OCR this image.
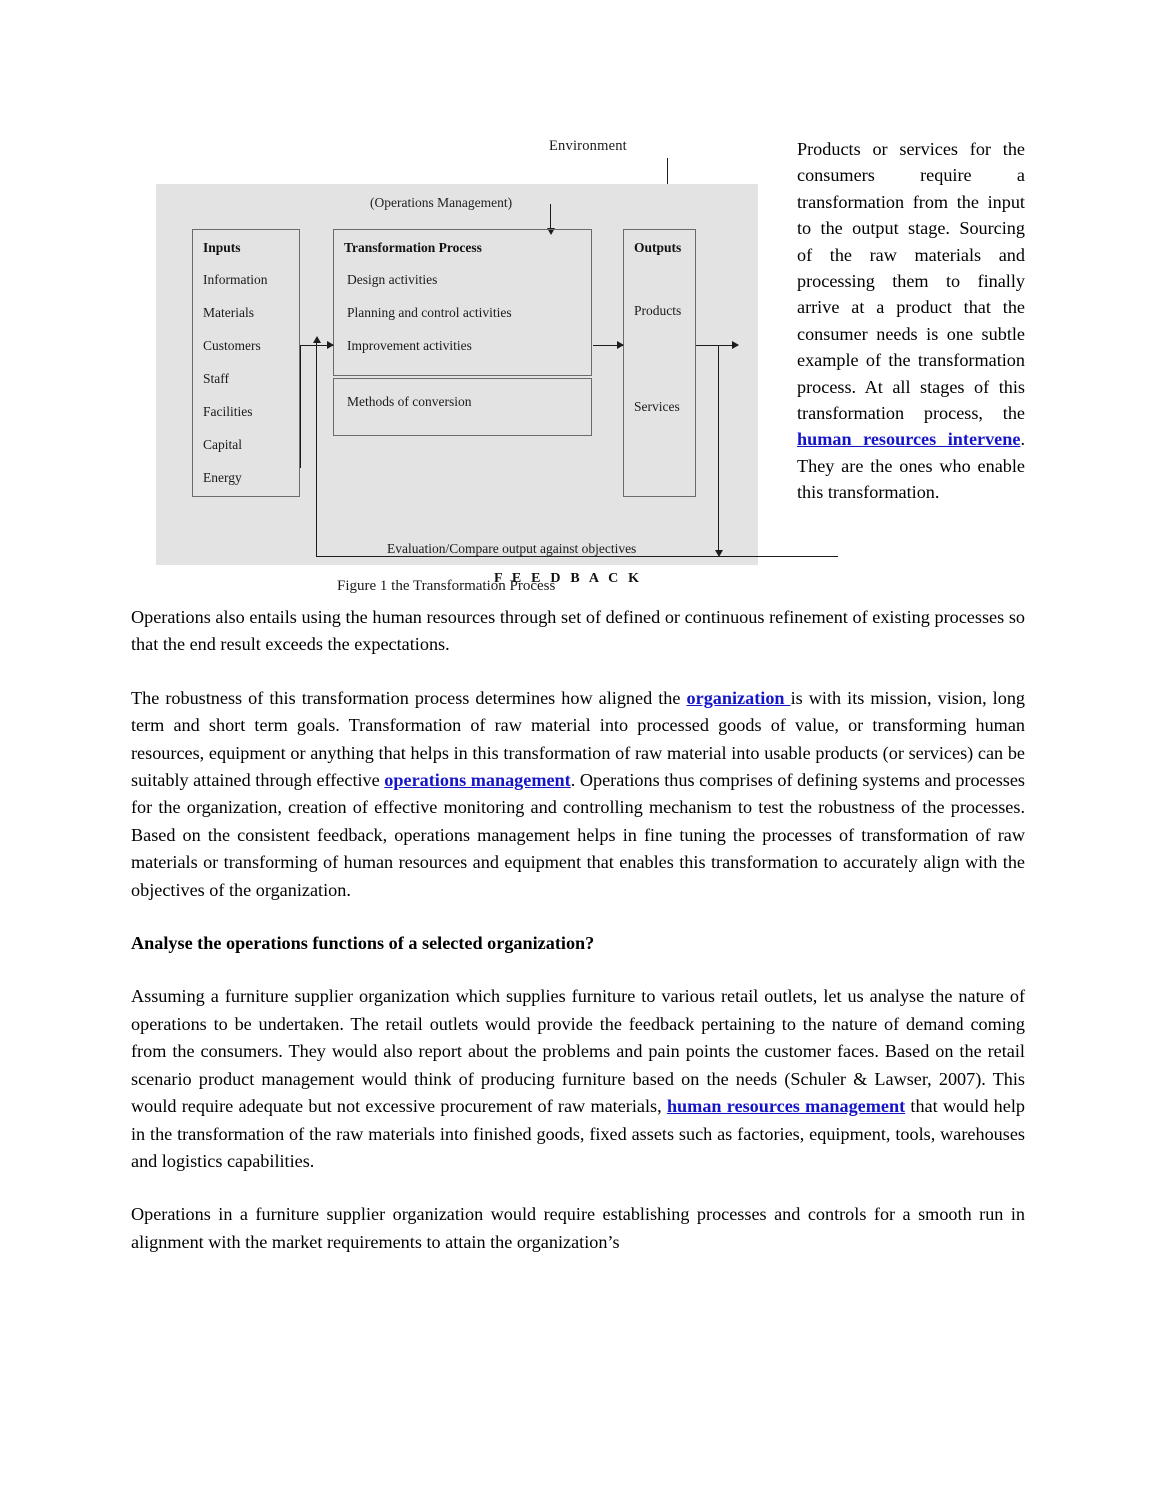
Environment
(Operations Management)
Inputs
Information
Materials
Customers
Staff
Facilities
Capital
Energy
Transformation Process
Design activities
Planning and control activities
Improvement activities
Methods of conversion
Outputs
Products
Services
Evaluation/Compare output against objectives
F E E D B A C K
Figure 1 the Transformation Process

Products or services for the consumers require a transformation from the input to the output stage. Sourcing of the raw materials and processing them to finally arrive at a product that the consumer needs is one subtle example of the transformation process. At all stages of this transformation process, the human resources intervene. They are the ones who enable this transformation.

Operations also entails using the human resources through set of defined or continuous refinement of existing processes so that the end result exceeds the expectations.

The robustness of this transformation process determines how aligned the organization is with its mission, vision, long term and short term goals. Transformation of raw material into processed goods of value, or transforming human resources, equipment or anything that helps in this transformation of raw material into usable products (or services) can be suitably attained through effective operations management. Operations thus comprises of defining systems and processes for the organization, creation of effective monitoring and controlling mechanism to test the robustness of the processes. Based on the consistent feedback, operations management helps in fine tuning the processes of transformation of raw materials or transforming of human resources and equipment that enables this transformation to accurately align with the objectives of the organization.

Analyse the operations functions of a selected organization?

Assuming a furniture supplier organization which supplies furniture to various retail outlets, let us analyse the nature of operations to be undertaken. The retail outlets would provide the feedback pertaining to the nature of demand coming from the consumers. They would also report about the problems and pain points the customer faces. Based on the retail scenario product management would think of producing furniture based on the needs (Schuler & Lawser, 2007). This would require adequate but not excessive procurement of raw materials, human resources management that would help in the transformation of the raw materials into finished goods, fixed assets such as factories, equipment, tools, warehouses and logistics capabilities.

Operations in a furniture supplier organization would require establishing processes and controls for a smooth run in alignment with the market requirements to attain the organization’s
